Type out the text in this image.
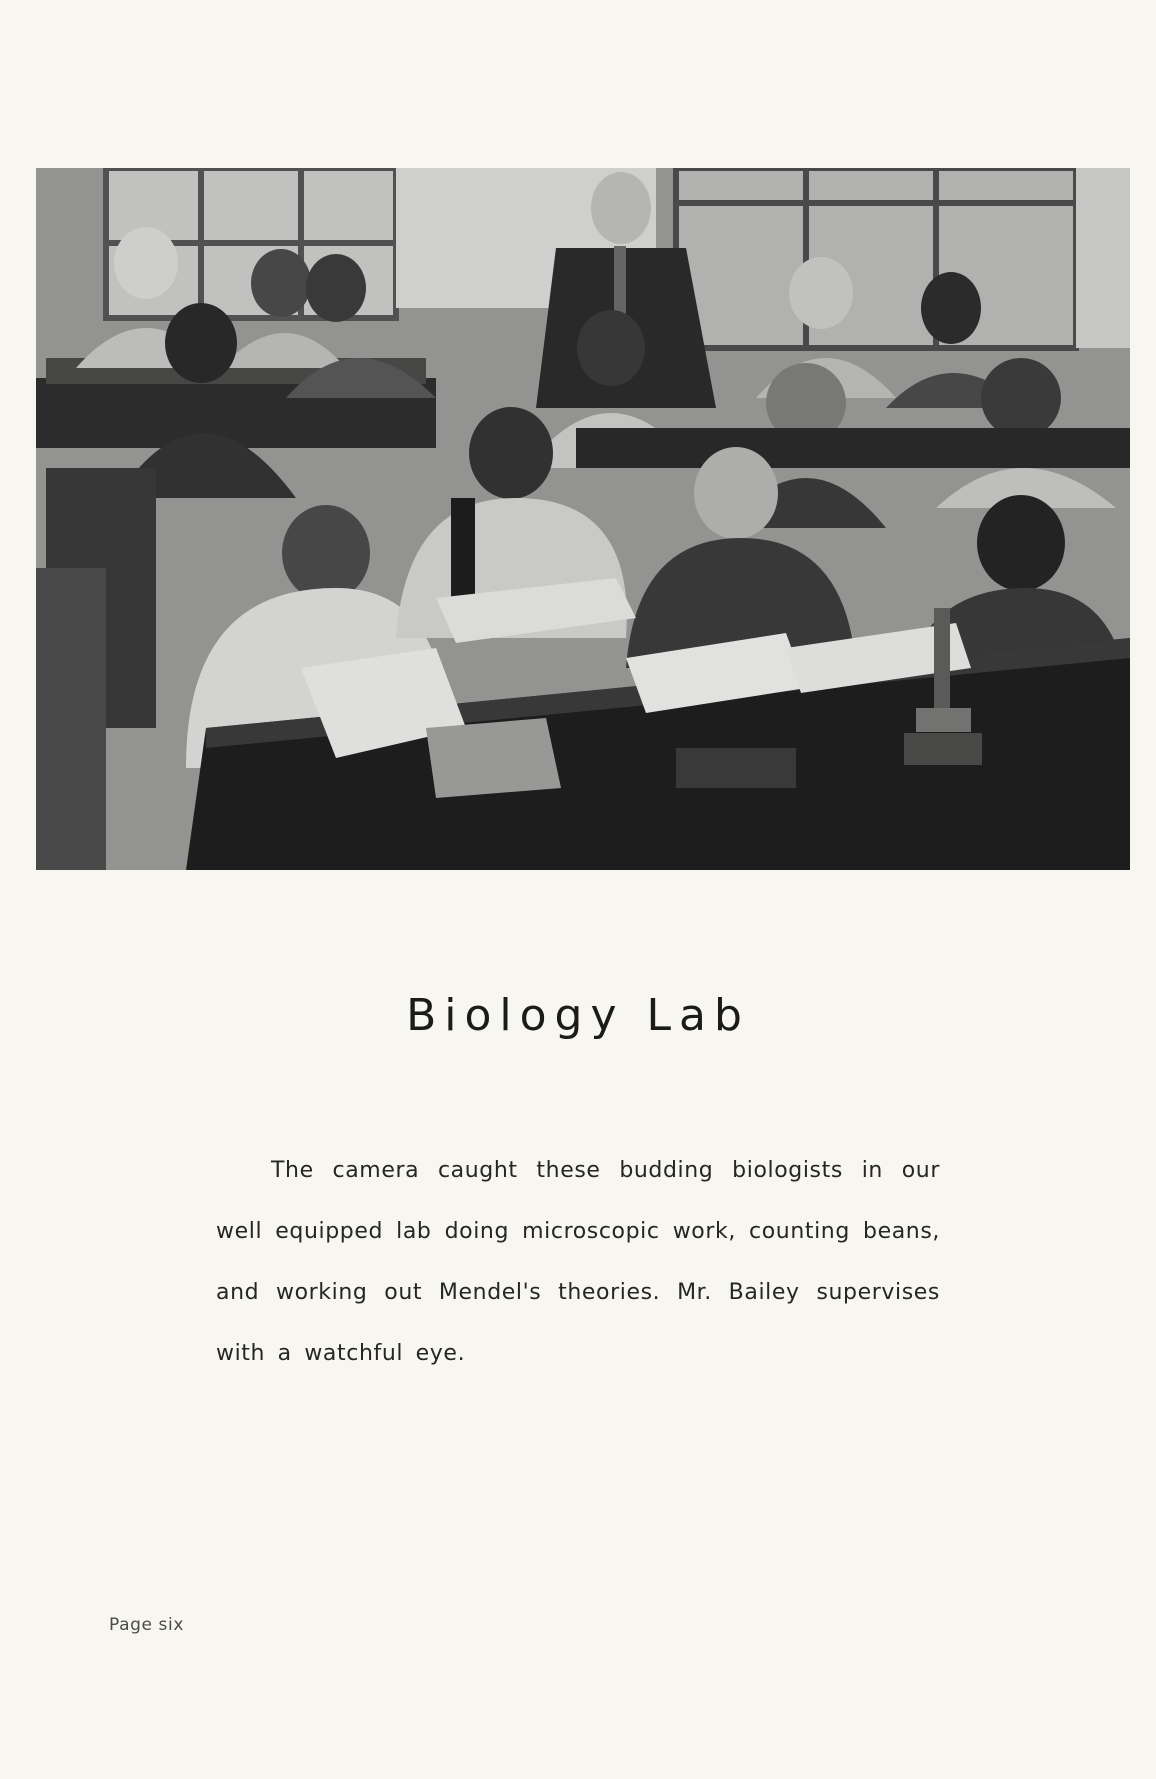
Biology Lab

The camera caught these budding biologists in our well equipped lab doing microscopic work, counting beans, and working out Mendel's theories. Mr. Bailey supervises with a watchful eye.

Page six
